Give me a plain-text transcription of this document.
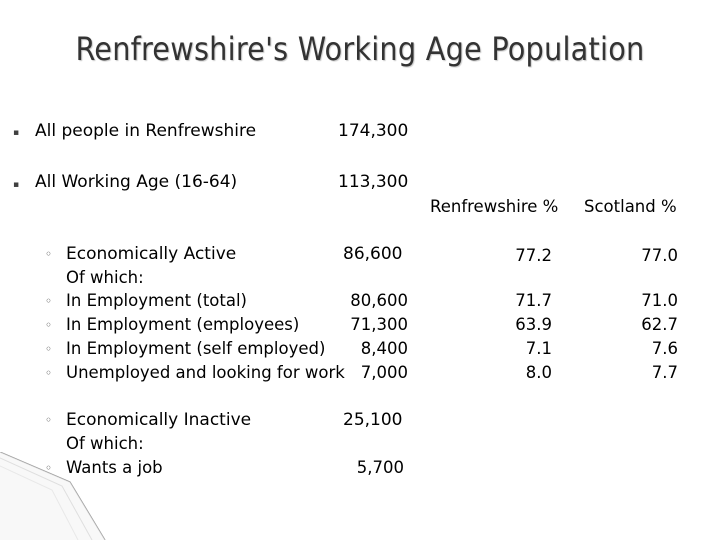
Renfrewshire's Working Age Population
▪ All people in Renfrewshire	174,300
▪ All Working Age (16-64)	113,300
Renfrewshire % Scotland %
◦ Economically Active	86,600	77.2	77.0
Of which:
◦ In Employment (total)	80,600	71.7	71.0
◦ In Employment (employees)	71,300	63.9	62.7
◦ In Employment (self employed)	8,400	7.1	7.6
◦ Unemployed and looking for work 7,000	8.0	7.7
◦ Economically Inactive	25,100
Of which:
◦ Wants a job	5,700
